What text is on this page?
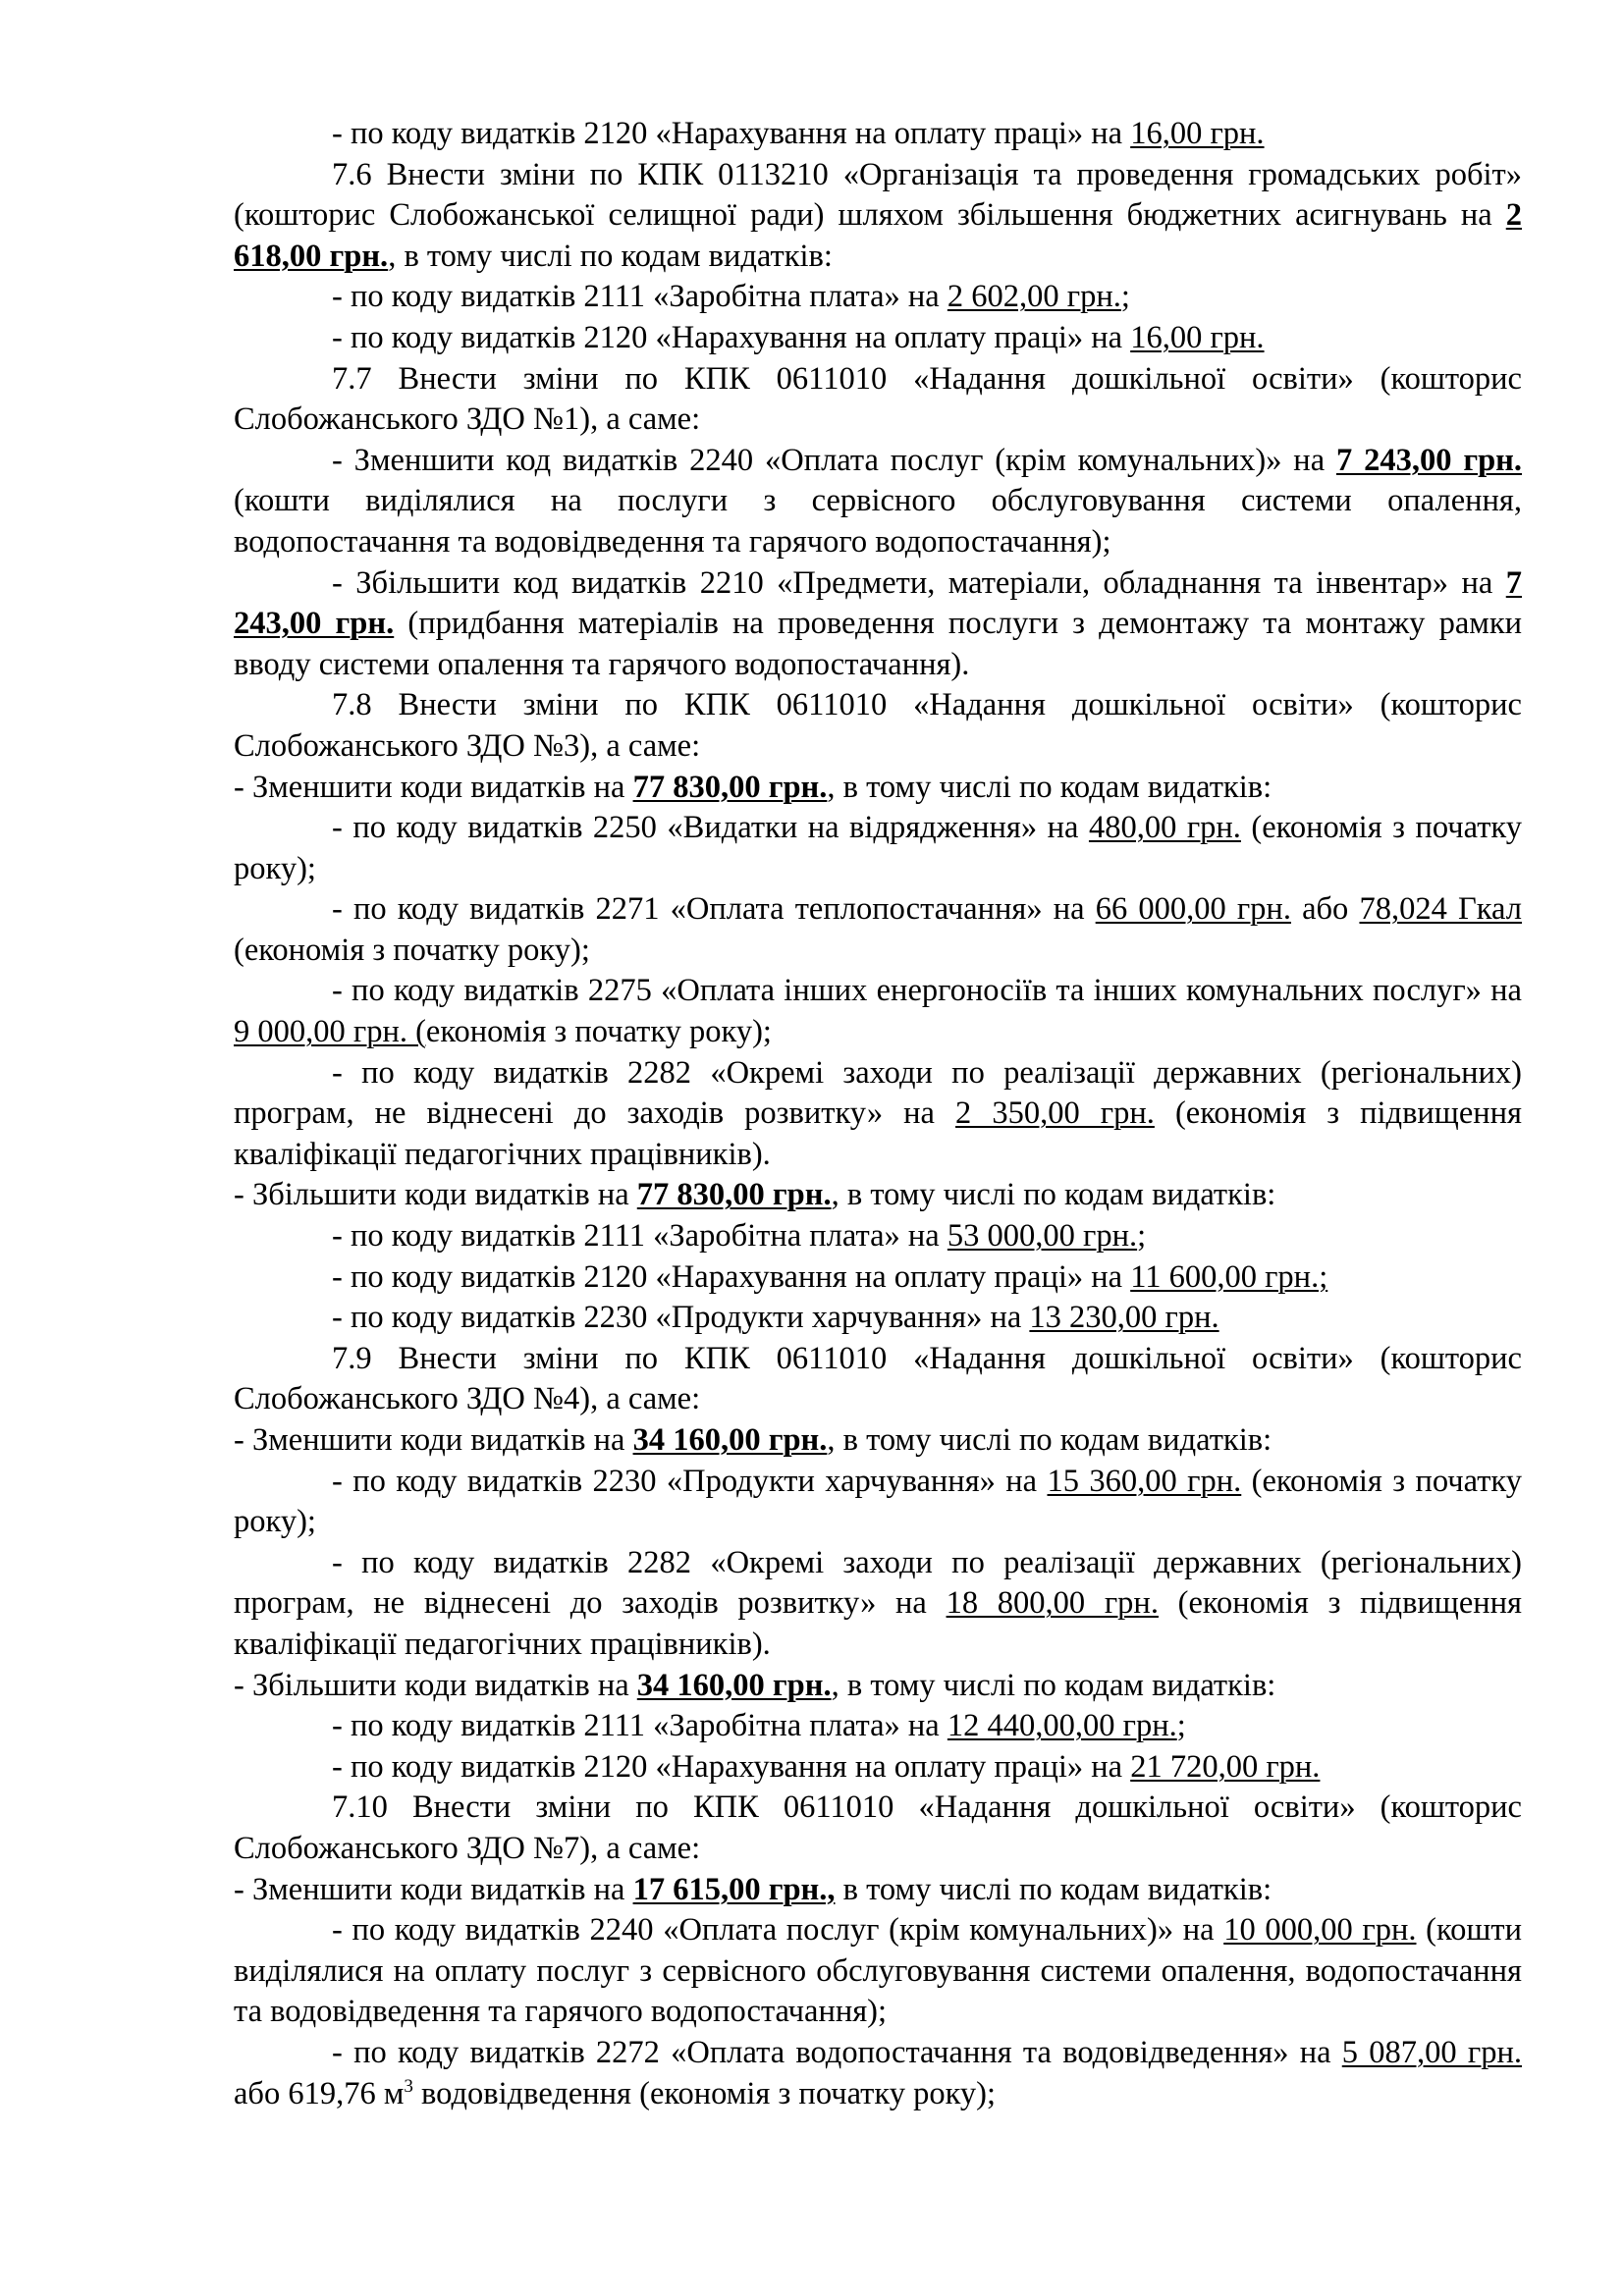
- по коду видатків 2120 «Нарахування на оплату праці» на 16,00 грн.

7.6 Внести зміни по КПК 0113210 «Організація та проведення громадських робіт» (кошторис Слобожанської селищної ради) шляхом збільшення бюджетних асигнувань на 2 618,00 грн., в тому числі по кодам видатків:

- по коду видатків 2111 «Заробітна плата» на 2 602,00 грн.;

- по коду видатків 2120 «Нарахування на оплату праці» на 16,00 грн.

7.7 Внести зміни по КПК 0611010 «Надання дошкільної освіти» (кошторис Слобожанського ЗДО №1), а саме:

- Зменшити код видатків 2240 «Оплата послуг (крім комунальних)» на 7 243,00 грн. (кошти виділялися на послуги з сервісного обслуговування системи опалення, водопостачання та водовідведення та гарячого водопостачання);

- Збільшити код видатків 2210 «Предмети, матеріали, обладнання та інвентар» на 7 243,00 грн. (придбання матеріалів на проведення послуги з демонтажу та монтажу рамки вводу системи опалення та гарячого водопостачання).

7.8 Внести зміни по КПК 0611010 «Надання дошкільної освіти» (кошторис Слобожанського ЗДО №3), а саме:

- Зменшити коди видатків на 77 830,00 грн., в тому числі по кодам видатків:

- по коду видатків 2250 «Видатки на відрядження» на 480,00 грн. (економія з початку року);

- по коду видатків 2271 «Оплата теплопостачання» на 66 000,00 грн. або 78,024 Гкал (економія з початку року);

- по коду видатків 2275 «Оплата інших енергоносіїв та інших комунальних послуг» на 9 000,00 грн. (економія з початку року);

- по коду видатків 2282 «Окремі заходи по реалізації державних (регіональних) програм, не віднесені до заходів розвитку» на 2 350,00 грн. (економія з підвищення кваліфікації педагогічних працівників).

- Збільшити коди видатків на 77 830,00 грн., в тому числі по кодам видатків:

- по коду видатків 2111 «Заробітна плата» на 53 000,00 грн.;

- по коду видатків 2120 «Нарахування на оплату праці» на 11 600,00 грн.;

- по коду видатків 2230 «Продукти харчування» на 13 230,00 грн.

7.9 Внести зміни по КПК 0611010 «Надання дошкільної освіти» (кошторис Слобожанського ЗДО №4), а саме:

- Зменшити коди видатків на 34 160,00 грн., в тому числі по кодам видатків:

- по коду видатків 2230 «Продукти харчування» на 15 360,00 грн. (економія з початку року);

- по коду видатків 2282 «Окремі заходи по реалізації державних (регіональних) програм, не віднесені до заходів розвитку» на 18 800,00 грн. (економія з підвищення кваліфікації педагогічних працівників).

- Збільшити коди видатків на 34 160,00 грн., в тому числі по кодам видатків:

- по коду видатків 2111 «Заробітна плата» на 12 440,00,00 грн.;

- по коду видатків 2120 «Нарахування на оплату праці» на 21 720,00 грн.

7.10 Внести зміни по КПК 0611010 «Надання дошкільної освіти» (кошторис Слобожанського ЗДО №7), а саме:

- Зменшити коди видатків на 17 615,00 грн., в тому числі по кодам видатків:

- по коду видатків 2240 «Оплата послуг (крім комунальних)» на 10 000,00 грн. (кошти виділялися на оплату послуг з сервісного обслуговування системи опалення, водопостачання та водовідведення та гарячого водопостачання);

- по коду видатків 2272 «Оплата водопостачання та водовідведення» на 5 087,00 грн. або 619,76 $м^3$ водовідведення (економія з початку року);
